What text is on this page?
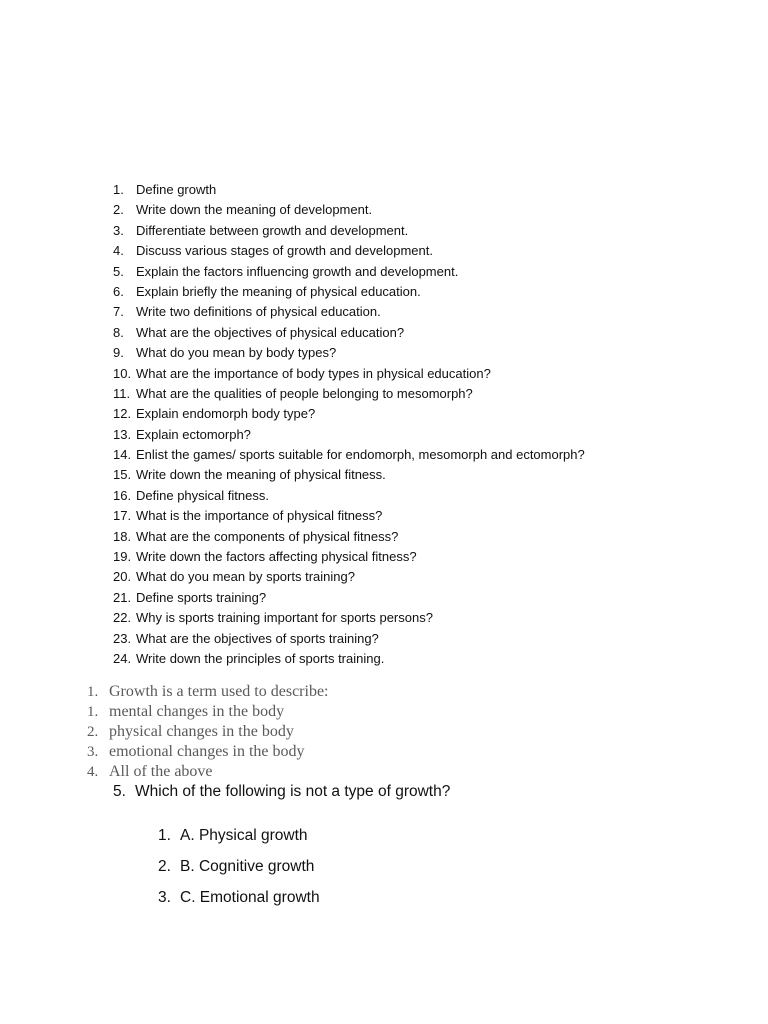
1. Define growth
2. Write down the meaning of development.
3. Differentiate between growth and development.
4. Discuss various stages of growth and development.
5. Explain the factors influencing growth and development.
6. Explain briefly the meaning of physical education.
7. Write two definitions of physical education.
8. What are the objectives of physical education?
9. What do you mean by body types?
10. What are the importance of body types in physical education?
11. What are the qualities of people belonging to mesomorph?
12. Explain endomorph body type?
13. Explain ectomorph?
14. Enlist the games/ sports suitable for endomorph, mesomorph and ectomorph?
15. Write down the meaning of physical fitness.
16. Define physical fitness.
17. What is the importance of physical fitness?
18. What are the components of physical fitness?
19. Write down the factors affecting physical fitness?
20. What do you mean by sports training?
21. Define sports training?
22. Why is sports training important for sports persons?
23. What are the objectives of sports training?
24. Write down the principles of sports training.
1. Growth is a term used to describe:
1. mental changes in the body
2. physical changes in the body
3. emotional changes in the body
4. All of the above
5. Which of the following is not a type of growth?
1. A. Physical growth
2. B. Cognitive growth
3. C. Emotional growth
